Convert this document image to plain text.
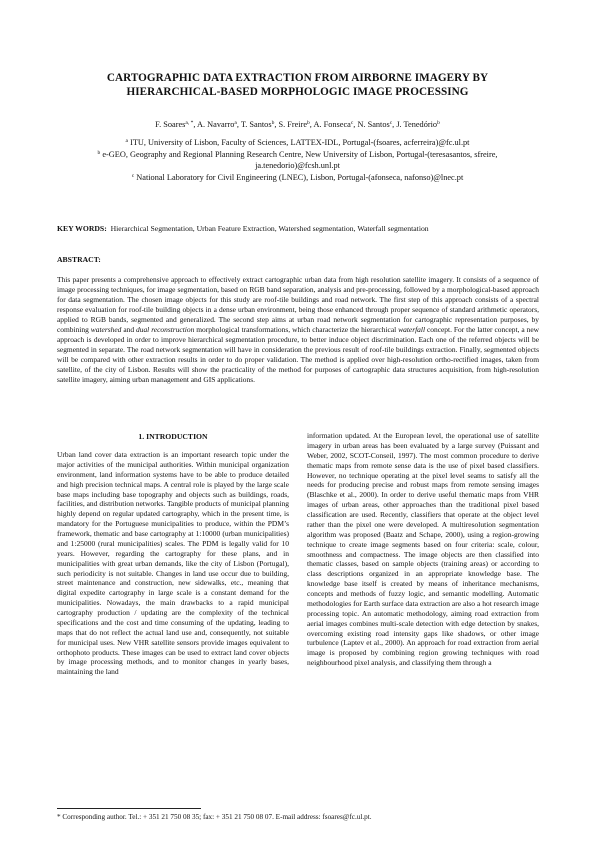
CARTOGRAPHIC DATA EXTRACTION FROM AIRBORNE IMAGERY BY
HIERARCHICAL-BASED MORPHOLOGIC IMAGE PROCESSING
F. Soares$^{a, *}$, A. Navarro$^a$, T. Santos$^b$, S. Freire$^b$, A. Fonseca$^c$, N. Santos$^c$, J. Tenedório$^b$

$^a$ ITU, University of Lisbon, Faculty of Sciences, LATTEX-IDL, Portugal-(fsoares, acferreira)@fc.ul.pt

$^b$ e-GEO, Geography and Regional Planning Research Centre, New University of Lisbon, Portugal-(teresasantos, sfreire, ja.tenedorio)@fcsh.unl.pt

$^c$ National Laboratory for Civil Engineering (LNEC), Lisbon, Portugal-(afonseca, nafonso)@lnec.pt

KEY WORDS: Hierarchical Segmentation, Urban Feature Extraction, Watershed segmentation, Waterfall segmentation
ABSTRACT:

This paper presents a comprehensive approach to effectively extract cartographic urban data from high resolution satellite imagery. It consists of a sequence of image processing techniques, for image segmentation, based on RGB band separation, analysis and pre-processing, followed by a morphological-based approach for data segmentation. The chosen image objects for this study are roof-tile buildings and road network. The first step of this approach consists of a spectral response evaluation for roof-tile building objects in a dense urban environment, being those enhanced through proper sequence of standard arithmetic operators, applied to RGB bands, segmented and generalized. The second step aims at urban road network segmentation for cartographic representation purposes, by combining watershed and dual reconstruction morphological transformations, which characterize the hierarchical waterfall concept. For the latter concept, a new approach is developed in order to improve hierarchical segmentation procedure, to better induce object discrimination. Each one of the referred objects will be segmented in separate. The road network segmentation will have in consideration the previous result of roof-tile buildings extraction. Finally, segmented objects will be compared with other extraction results in order to do proper validation. The method is applied over high-resolution ortho-rectified images, taken from satellite, of the city of Lisbon. Results will show the practicality of the method for purposes of cartographic data structures acquisition, from high-resolution satellite imagery, aiming urban management and GIS applications.

1. INTRODUCTION

Urban land cover data extraction is an important research topic under the major activities of the municipal authorities. Within municipal organization environment, land information systems have to be able to produce detailed and high precision technical maps. A central role is played by the large scale base maps including base topography and objects such as buildings, roads, facilities, and distribution networks. Tangible products of municipal planning highly depend on regular updated cartography, which in the present time, is mandatory for the Portuguese municipalities to produce, within the PDM’s framework, thematic and base cartography at 1:10000 (urban municipalities) and 1:25000 (rural municipalities) scales. The PDM is legally valid for 10 years. However, regarding the cartography for these plans, and in municipalities with great urban demands, like the city of Lisbon (Portugal), such periodicity is not suitable. Changes in land use occur due to building, street maintenance and construction, new sidewalks, etc., meaning that digital expedite cartography in large scale is a constant demand for the municipalities. Nowadays, the main drawbacks to a rapid municipal cartography production / updating are the complexity of the technical specifications and the cost and time consuming of the updating, leading to maps that do not reflect the actual land use and, consequently, not suitable for municipal uses. New VHR satellite sensors provide images equivalent to orthophoto products. These images can be used to extract land cover objects by image processing methods, and to monitor changes in yearly bases, maintaining the land

information updated. At the European level, the operational use of satellite imagery in urban areas has been evaluated by a large survey (Puissant and Weber, 2002, SCOT-Conseil, 1997). The most common procedure to derive thematic maps from remote sense data is the use of pixel based classifiers. However, no technique operating at the pixel level seams to satisfy all the needs for producing precise and robust maps from remote sensing images (Blaschke et al., 2000). In order to derive useful thematic maps from VHR images of urban areas, other approaches than the traditional pixel based classification are used. Recently, classifiers that operate at the object level rather than the pixel one were developed. A multiresolution segmentation algorithm was proposed (Baatz and Schape, 2000), using a region-growing technique to create image segments based on four criteria: scale, colour, smoothness and compactness. The image objects are then classified into thematic classes, based on sample objects (training areas) or according to class descriptions organized in an appropriate knowledge base. The knowledge base itself is created by means of inheritance mechanisms, concepts and methods of fuzzy logic, and semantic modelling. Automatic methodologies for Earth surface data extraction are also a hot research image processing topic. An automatic methodology, aiming road extraction from aerial images combines multi-scale detection with edge detection by snakes, overcoming existing road intensity gaps like shadows, or other image turbulence (Laptev et al., 2000). An approach for road extraction from aerial image is proposed by combining region growing techniques with road neighbourhood pixel analysis, and classifying them through a

* Corresponding author. Tel.: + 351 21 750 08 35; fax: + 351 21 750 08 07. E-mail address: fsoares@fc.ul.pt.
